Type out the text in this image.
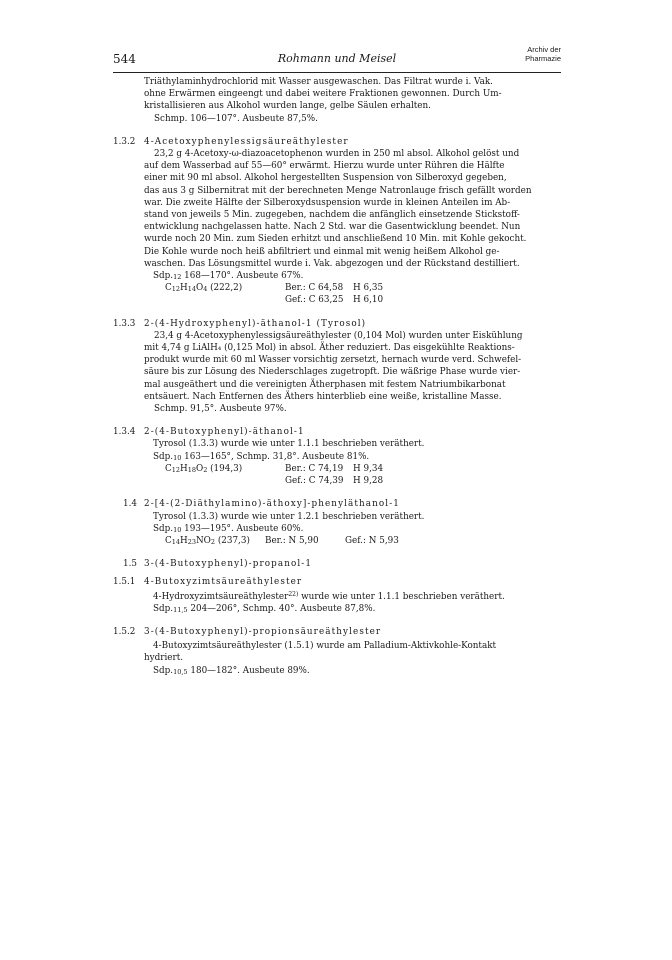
544	Rohmann und Meisel
Archiv der
Pharmazie

Triäthylaminhydrochlorid mit Wasser ausgewaschen. Das Filtrat wurde i. Vak.

ohne Erwärmen eingeengt und dabei weitere Fraktionen gewonnen. Durch Um-

kristallisieren aus Alkohol wurden lange, gelbe Säulen erhalten.

Schmp. 106—107°. Ausbeute 87,5%.

1.3.2 4-Acetoxyphenylessigsäureäthylester

23,2 g 4-Acetoxy-ω-diazoacetophenon wurden in 250 ml absol. Alkohol gelöst und

auf dem Wasserbad auf 55—60° erwärmt. Hierzu wurde unter Rühren die Hälfte

einer mit 90 ml absol. Alkohol hergestellten Suspension von Silberoxyd gegeben,

das aus 3 g Silbernitrat mit der berechneten Menge Natronlauge frisch gefällt worden

war. Die zweite Hälfte der Silberoxydsuspension wurde in kleinen Anteilen im Ab-

stand von jeweils 5 Min. zugegeben, nachdem die anfänglich einsetzende Stickstoff-

entwicklung nachgelassen hatte. Nach 2 Std. war die Gasentwicklung beendet. Nun

wurde noch 20 Min. zum Sieden erhitzt und anschließend 10 Min. mit Kohle gekocht.

Die Kohle wurde noch heiß abfiltriert und einmal mit wenig heißem Alkohol ge-

waschen. Das Lösungsmittel wurde i. Vak. abgezogen und der Rückstand destilliert.

$Sdp._{12}$ 168—170°. Ausbeute 67%.

$C_{12}H_{14}O_4$ (222,2)	Ber.: C 64,58	H 6,35
Gef.: C 63,25	H 6,10

1.3.3 2-(4-Hydroxyphenyl)-äthanol-1 (Tyrosol)

23,4 g 4-Acetoxyphenylessigsäureäthylester (0,104 Mol) wurden unter Eiskühlung

mit 4,74 g LiAlH₄ (0,125 Mol) in absol. Äther reduziert. Das eisgekühlte Reaktions-

produkt wurde mit 60 ml Wasser vorsichtig zersetzt, hernach wurde verd. Schwefel-

säure bis zur Lösung des Niederschlages zugetropft. Die wäßrige Phase wurde vier-

mal ausgeäthert und die vereinigten Ätherphasen mit festem Natriumbikarbonat

entsäuert. Nach Entfernen des Äthers hinterblieb eine weiße, kristalline Masse.

Schmp. 91,5°. Ausbeute 97%.

1.3.4 2-(4-Butoxyphenyl)-äthanol-1

Tyrosol (1.3.3) wurde wie unter 1.1.1 beschrieben veräthert.

$Sdp._{10}$ 163—165°, Schmp. 31,8°. Ausbeute 81%.

$C_{12}H_{18}O_2$ (194,3)	Ber.: C 74,19	H 9,34
Gef.: C 74,39	H 9,28

1.4 2-[4-(2-Diäthylamino)-äthoxy]-phenyläthanol-1

Tyrosol (1.3.3) wurde wie unter 1.2.1 beschrieben veräthert.

$Sdp._{10}$ 193—195°. Ausbeute 60%.

$C_{14}H_{23}NO_2$ (237,3)	Ber.: N 5,90	Gef.: N 5,93

1.5 3-(4-Butoxyphenyl)-propanol-1

1.5.1 4-Butoxyzimtsäureäthylester

4-Hydroxyzimtsäureäthylester$^{22)}$ wurde wie unter 1.1.1 beschrieben veräthert.

$Sdp._{11,5}$ 204—206°, Schmp. 40°. Ausbeute 87,8%.

1.5.2 3-(4-Butoxyphenyl)-propionsäureäthylester

4-Butoxyzimtsäureäthylester (1.5.1) wurde am Palladium-Aktivkohle-Kontakt

hydriert.

$Sdp._{10,5}$ 180—182°. Ausbeute 89%.
